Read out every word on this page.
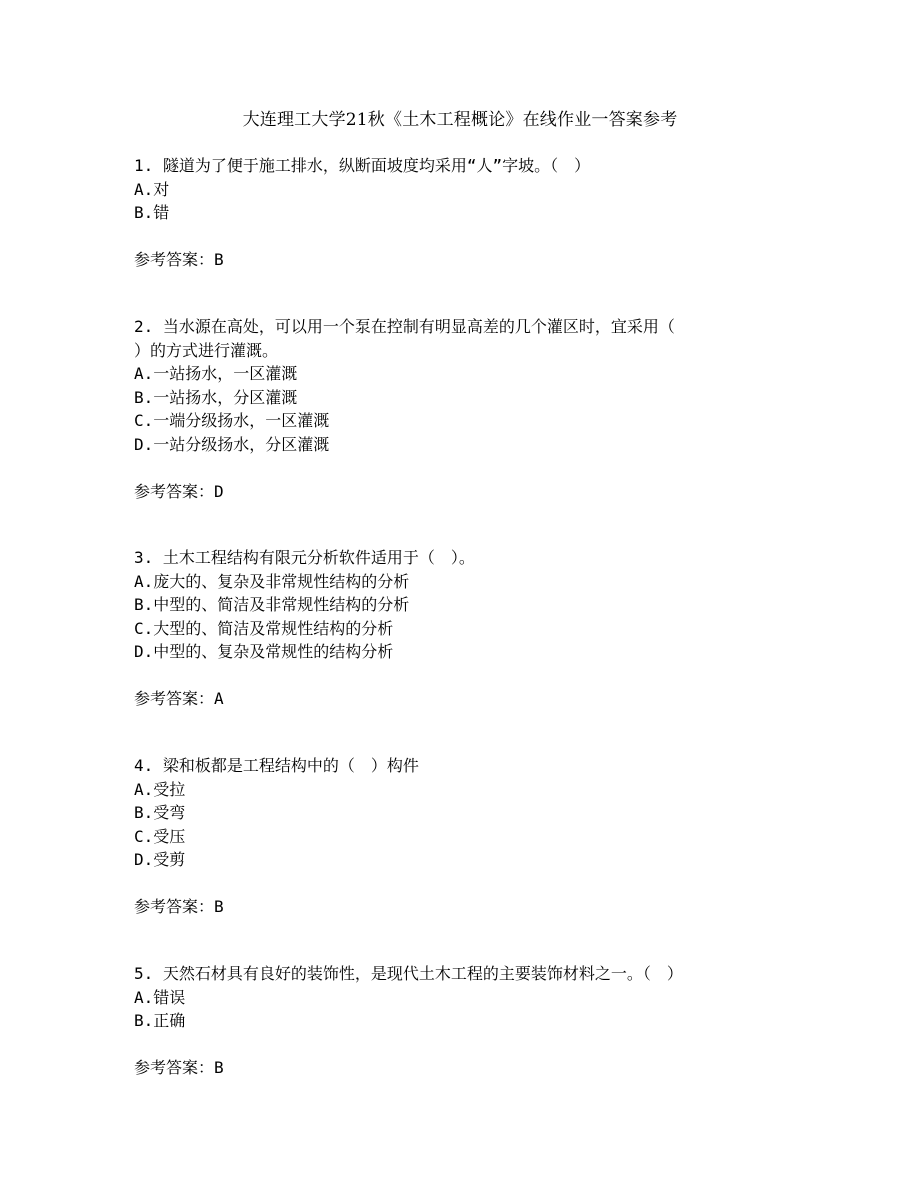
大连理工大学21秋《土木工程概论》在线作业一答案参考
1. 隧道为了便于施工排水，纵断面坡度均采用“人”字坡。（　）
A.对
B.错
参考答案：B
2. 当水源在高处，可以用一个泵在控制有明显高差的几个灌区时，宜采用（
）的方式进行灌溉。
A.一站扬水，一区灌溉
B.一站扬水，分区灌溉
C.一端分级扬水，一区灌溉
D.一站分级扬水，分区灌溉
参考答案：D
3. 土木工程结构有限元分析软件适用于（　）。
A.庞大的、复杂及非常规性结构的分析
B.中型的、简洁及非常规性结构的分析
C.大型的、简洁及常规性结构的分析
D.中型的、复杂及常规性的结构分析
参考答案：A
4. 梁和板都是工程结构中的（　）构件
A.受拉
B.受弯
C.受压
D.受剪
参考答案：B
5. 天然石材具有良好的装饰性，是现代土木工程的主要装饰材料之一。（　）
A.错误
B.正确
参考答案：B
